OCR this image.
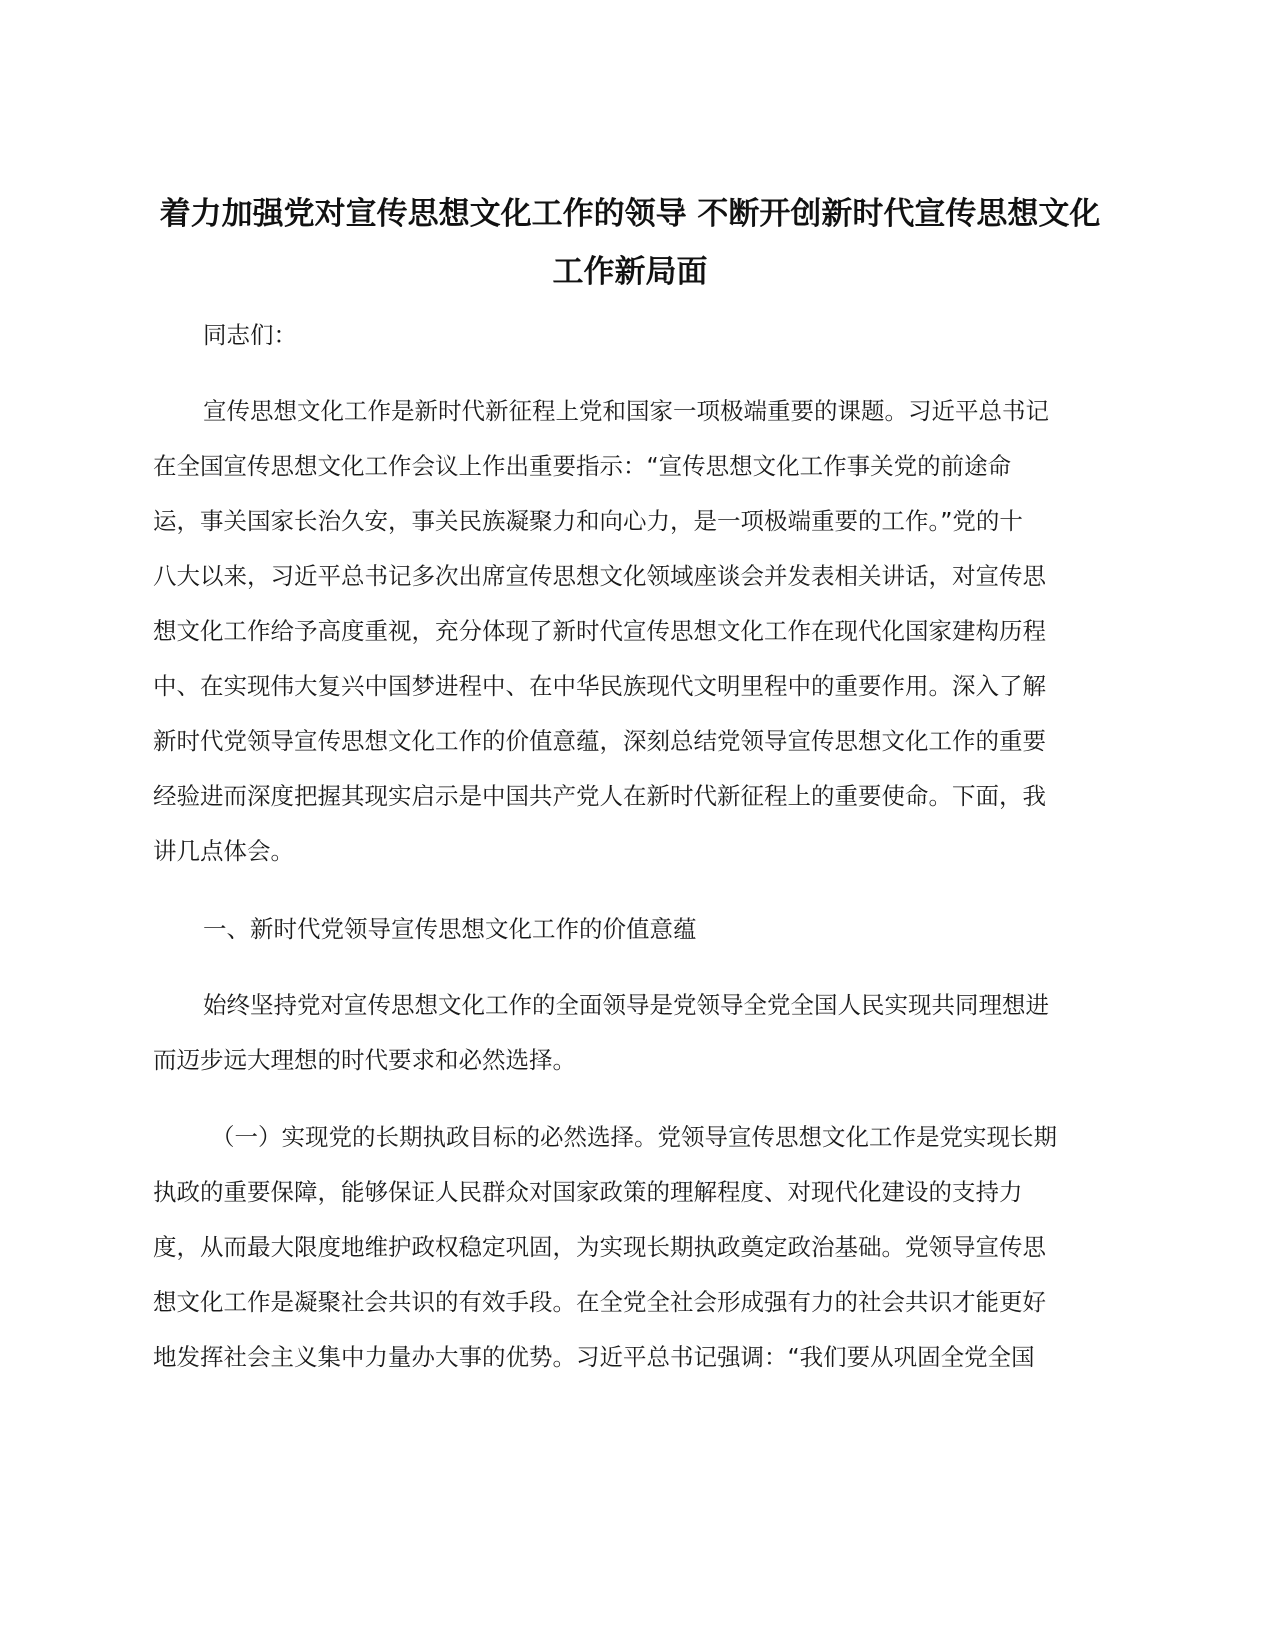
着力加强党对宣传思想文化工作的领导 不断开创新时代宣传思想文化
工作新局面

同志们：

宣传思想文化工作是新时代新征程上党和国家一项极端重要的课题。习近平总书记
在全国宣传思想文化工作会议上作出重要指示：“宣传思想文化工作事关党的前途命
运，事关国家长治久安，事关民族凝聚力和向心力，是一项极端重要的工作。”党的十
八大以来，习近平总书记多次出席宣传思想文化领域座谈会并发表相关讲话，对宣传思
想文化工作给予高度重视，充分体现了新时代宣传思想文化工作在现代化国家建构历程
中、在实现伟大复兴中国梦进程中、在中华民族现代文明里程中的重要作用。深入了解
新时代党领导宣传思想文化工作的价值意蕴，深刻总结党领导宣传思想文化工作的重要
经验进而深度把握其现实启示是中国共产党人在新时代新征程上的重要使命。下面，我
讲几点体会。

一、新时代党领导宣传思想文化工作的价值意蕴

始终坚持党对宣传思想文化工作的全面领导是党领导全党全国人民实现共同理想进
而迈步远大理想的时代要求和必然选择。

（一）实现党的长期执政目标的必然选择。党领导宣传思想文化工作是党实现长期
执政的重要保障，能够保证人民群众对国家政策的理解程度、对现代化建设的支持力
度，从而最大限度地维护政权稳定巩固，为实现长期执政奠定政治基础。党领导宣传思
想文化工作是凝聚社会共识的有效手段。在全党全社会形成强有力的社会共识才能更好
地发挥社会主义集中力量办大事的优势。习近平总书记强调：“我们要从巩固全党全国
